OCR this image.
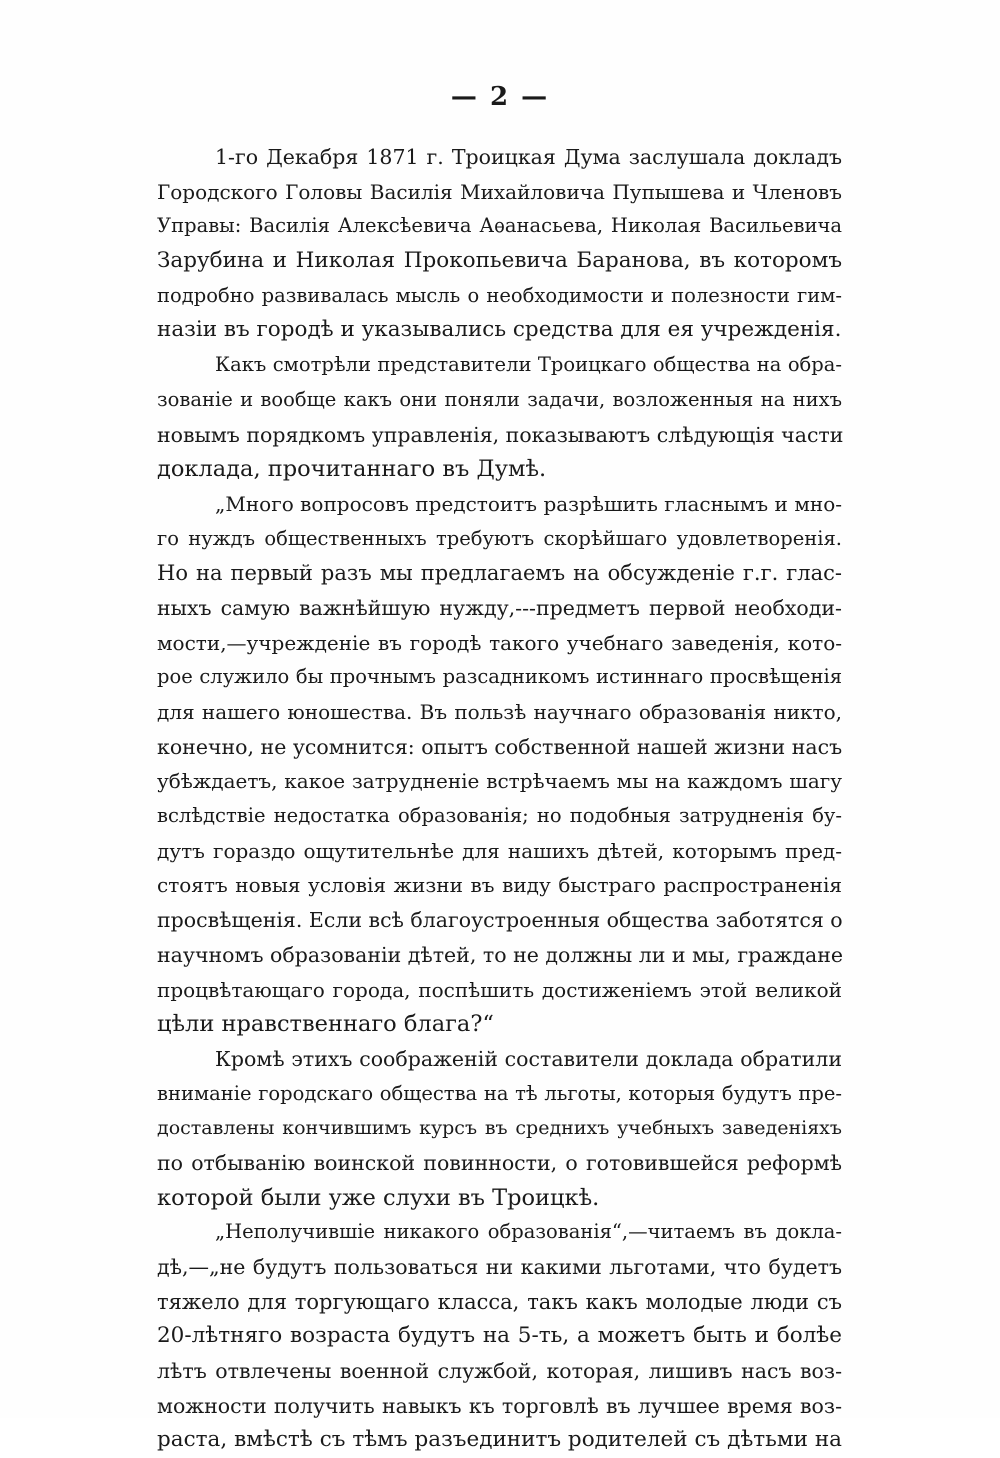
— 2 —
1-го Декабря 1871 г. Троицкая Дума заслушала докладъ
Городского Головы Василія Михайловича Пупышева и Членовъ
Управы: Василія Алексѣевича Аѳанасьева, Николая Васильевича
Зарубина и Николая Прокопьевича Баранова, въ которомъ
подробно развивалась мысль о необходимости и полезности гим-
назіи въ городѣ и указывались средства для ея учрежденія.
Какъ смотрѣли представители Троицкаго общества на обра-
зованіе и вообще какъ они поняли задачи, возложенныя на нихъ
новымъ порядкомъ управленія, показываютъ слѣдующія части
доклада, прочитаннаго въ Думѣ.
„Много вопросовъ предстоитъ разрѣшить гласнымъ и мно-
го нуждъ общественныхъ требуютъ скорѣйшаго удовлетворенія.
Но на первый разъ мы предлагаемъ на обсужденіе г.г. глас-
ныхъ самую важнѣйшую нужду,---предметъ первой необходи-
мости,—учрежденіе въ городѣ такого учебнаго заведенія, кото-
рое служило бы прочнымъ разсадникомъ истиннаго просвѣщенія
для нашего юношества. Въ пользѣ научнаго образованія никто,
конечно, не усомнится: опытъ собственной нашей жизни насъ
убѣждаетъ, какое затрудненіе встрѣчаемъ мы на каждомъ шагу
вслѣдствіе недостатка образованія; но подобныя затрудненія бу-
дутъ гораздо ощутительнѣе для нашихъ дѣтей, которымъ пред-
стоятъ новыя условія жизни въ виду быстраго распространенія
просвѣщенія. Если всѣ благоустроенныя общества заботятся о
научномъ образованіи дѣтей, то не должны ли и мы, граждане
процвѣтающаго города, поспѣшить достиженіемъ этой великой
цѣли нравственнаго блага?“
Кромѣ этихъ соображеній составители доклада обратили
вниманіе городскаго общества на тѣ льготы, которыя будутъ пре-
доставлены кончившимъ курсъ въ среднихъ учебныхъ заведеніяхъ
по отбыванію воинской повинности, о готовившейся реформѣ
которой были уже слухи въ Троицкѣ.
„Неполучившіе никакого образованія“,—читаемъ въ докла-
дѣ,—„не будутъ пользоваться ни какими льготами, что будетъ
тяжело для торгующаго класса, такъ какъ молодые люди съ
20-лѣтняго возраста будутъ на 5-ть, а можетъ быть и болѣе
лѣтъ отвлечены военной службой, которая, лишивъ насъ воз-
можности получить навыкъ къ торговлѣ въ лучшее время воз-
раста, вмѣстѣ съ тѣмъ разъединитъ родителей съ дѣтьми на
